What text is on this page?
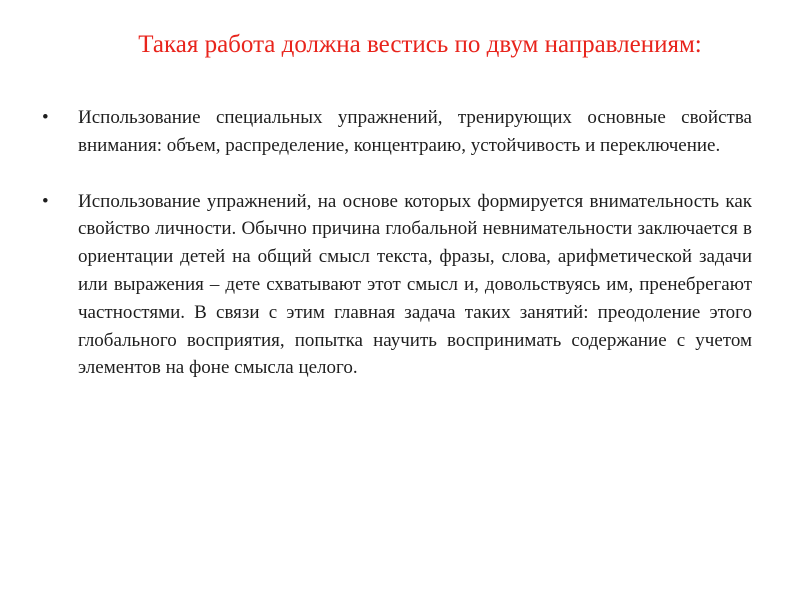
Такая работа должна вестись по двум направлениям:
• Использование специальных упражнений, тренирующих основные свойства внимания: объем, распределение, концентраию, устойчивость и переключение.
• Использование упражнений, на основе которых формируется внимательность как свойство личности. Обычно причина глобальной невнимательности заключается в ориентации детей на общий смысл текста, фразы, слова, арифметической задачи или выражения – дете схватывают этот смысл и, довольствуясь им, пренебрегают частностями. В связи с этим главная задача таких занятий: преодоление этого глобального восприятия, попытка научить воспринимать содержание с учетом элементов на фоне смысла целого.
